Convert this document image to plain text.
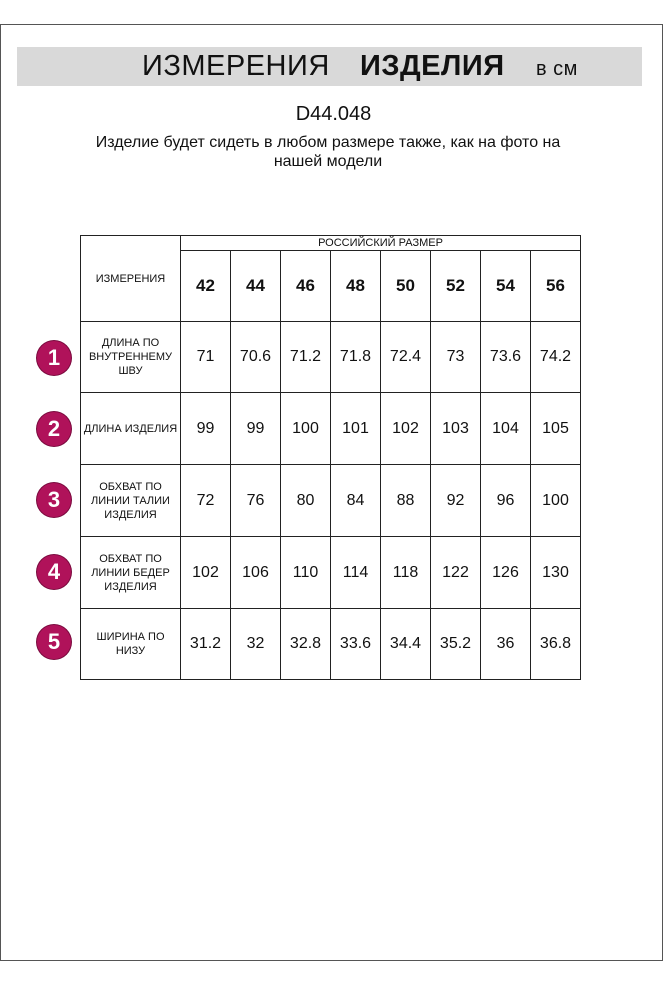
ИЗМЕРЕНИЯ ИЗДЕЛИЯ в см
D44.048
Изделие будет сидеть в любом размере также, как на фото на нашей модели
ИЗМЕРЕНИЯ	РОССИЙСКИЙ РАЗМЕР							
	42	44	46	48	50	52	54	56
ДЛИНА ПО ВНУТРЕННЕМУ ШВУ	71	70.6	71.2	71.8	72.4	73	73.6	74.2
ДЛИНА ИЗДЕЛИЯ	99	99	100	101	102	103	104	105
ОБХВАТ ПО ЛИНИИ ТАЛИИ ИЗДЕЛИЯ	72	76	80	84	88	92	96	100
ОБХВАТ ПО ЛИНИИ БЕДЕР ИЗДЕЛИЯ	102	106	110	114	118	122	126	130
ШИРИНА ПО НИЗУ	31.2	32	32.8	33.6	34.4	35.2	36	36.8
1
2
3
4
5
